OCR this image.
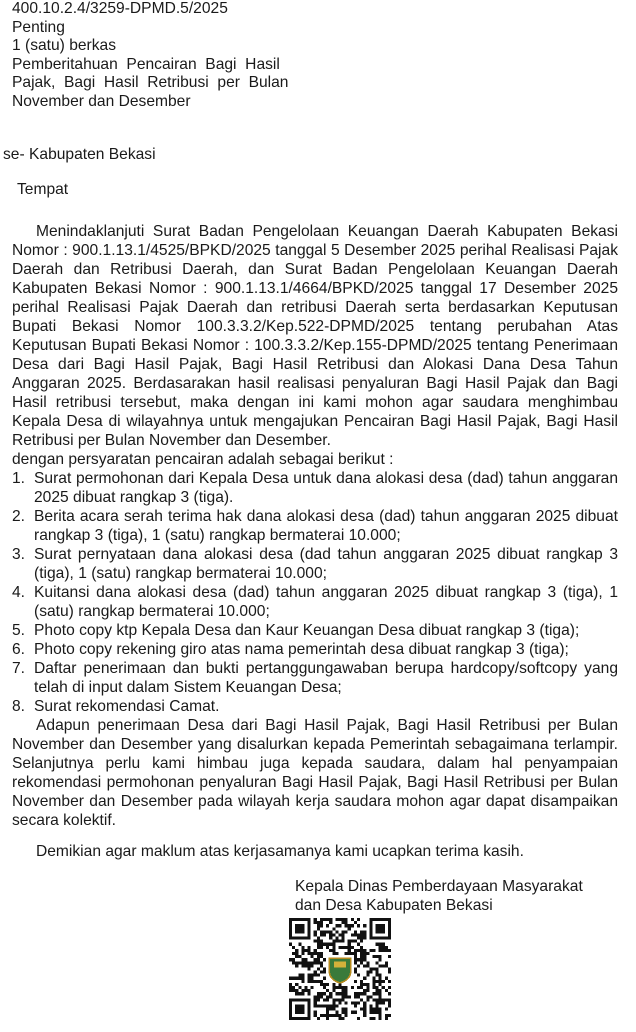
400.10.2.4/3259-DPMD.5/2025
Penting
1 (satu) berkas
Pemberitahuan  Pencairan  Bagi  Hasil
Pajak,  Bagi  Hasil  Retribusi  per  Bulan
November dan Desember
se- Kabupaten Bekasi
Tempat

Menindaklanjuti Surat Badan Pengelolaan Keuangan Daerah Kabupaten Bekasi Nomor : 900.1.13.1/4525/BPKD/2025 tanggal 5 Desember 2025 perihal Realisasi Pajak Daerah dan Retribusi Daerah, dan Surat Badan Pengelolaan Keuangan Daerah Kabupaten Bekasi Nomor : 900.1.13.1/4664/BPKD/2025 tanggal 17 Desember 2025 perihal Realisasi Pajak Daerah dan retribusi Daerah serta berdasarkan Keputusan Bupati Bekasi Nomor 100.3.3.2/Kep.522-DPMD/2025 tentang perubahan Atas Keputusan Bupati Bekasi Nomor : 100.3.3.2/Kep.155-DPMD/2025 tentang Penerimaan Desa dari Bagi Hasil Pajak, Bagi Hasil Retribusi dan Alokasi Dana Desa Tahun Anggaran 2025. Berdasarakan hasil realisasi penyaluran Bagi Hasil Pajak dan Bagi Hasil retribusi tersebut, maka dengan ini kami mohon agar saudara menghimbau Kepala Desa di wilayahnya untuk mengajukan Pencairan Bagi Hasil Pajak, Bagi Hasil Retribusi per Bulan November dan Desember.

dengan persyaratan pencairan adalah sebagai berikut :

1. Surat permohonan dari Kepala Desa untuk dana alokasi desa (dad) tahun anggaran 2025 dibuat rangkap 3 (tiga).
2. Berita acara serah terima hak dana alokasi desa (dad) tahun anggaran 2025 dibuat rangkap 3 (tiga), 1 (satu) rangkap bermaterai 10.000;
3. Surat pernyataan dana alokasi desa (dad tahun anggaran 2025 dibuat rangkap 3 (tiga), 1 (satu) rangkap bermaterai 10.000;
4. Kuitansi dana alokasi desa (dad) tahun anggaran 2025 dibuat rangkap 3 (tiga), 1 (satu) rangkap bermaterai 10.000;
5. Photo copy ktp Kepala Desa dan Kaur Keuangan Desa dibuat rangkap 3 (tiga);
6. Photo copy rekening giro atas nama pemerintah desa dibuat rangkap 3 (tiga);
7. Daftar penerimaan dan bukti pertanggungawaban berupa hardcopy/softcopy yang telah di input dalam Sistem Keuangan Desa;
8. Surat rekomendasi Camat.

Adapun penerimaan Desa dari Bagi Hasil Pajak, Bagi Hasil Retribusi per Bulan November dan Desember yang disalurkan kepada Pemerintah sebagaimana terlampir. Selanjutnya perlu kami himbau juga kepada saudara, dalam hal penyampaian rekomendasi permohonan penyaluran Bagi Hasil Pajak, Bagi Hasil Retribusi per Bulan November dan Desember pada wilayah kerja saudara mohon agar dapat disampaikan secara kolektif.

Demikian agar maklum atas kerjasamanya kami ucapkan terima kasih.

Kepala Dinas Pemberdayaan Masyarakat
dan Desa Kabupaten Bekasi
